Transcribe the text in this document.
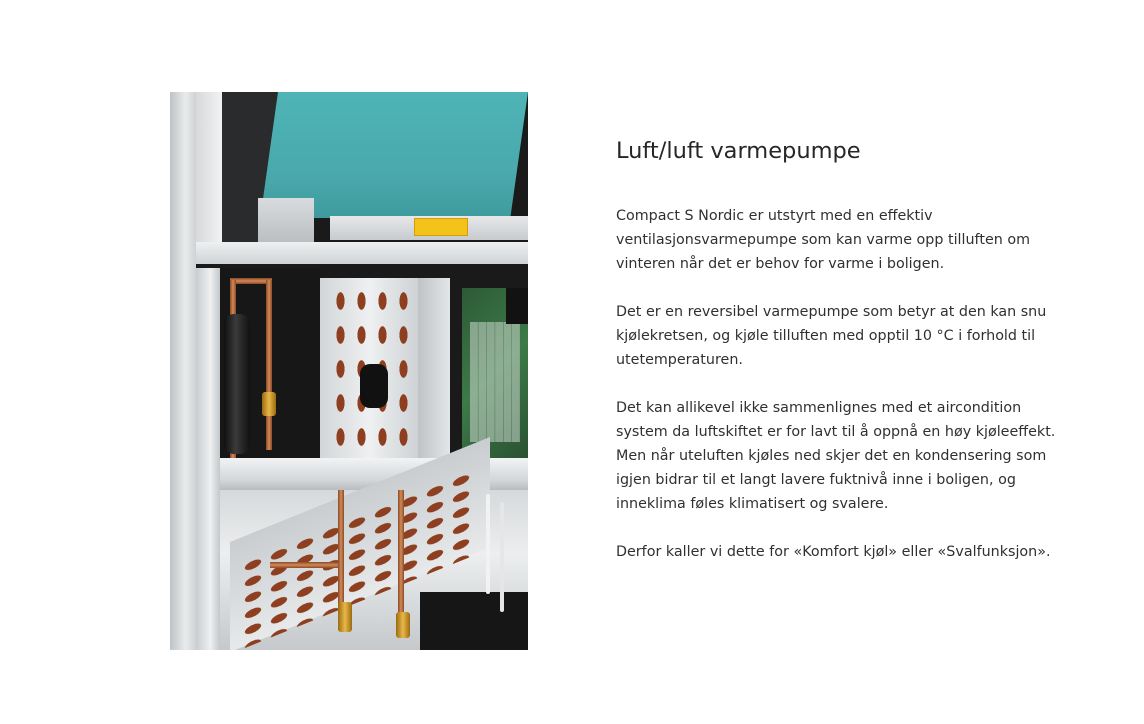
Luft/luft varmepumpe

Compact S Nordic er utstyrt med en effektiv
ventilasjonsvarmepumpe som kan varme opp tilluften om
vinteren når det er behov for varme i boligen.

Det er en reversibel varmepumpe som betyr at den kan snu
kjølekretsen, og kjøle tilluften med opptil 10 °C i forhold til
utetemperaturen.

Det kan allikevel ikke sammenlignes med et aircondition
system da luftskiftet er for lavt til å oppnå en høy kjøleeffekt.
Men når uteluften kjøles ned skjer det en kondensering som
igjen bidrar til et langt lavere fuktnivå inne i boligen, og
inneklima føles klimatisert og svalere.

Derfor kaller vi dette for «Komfort kjøl» eller «Svalfunksjon».
